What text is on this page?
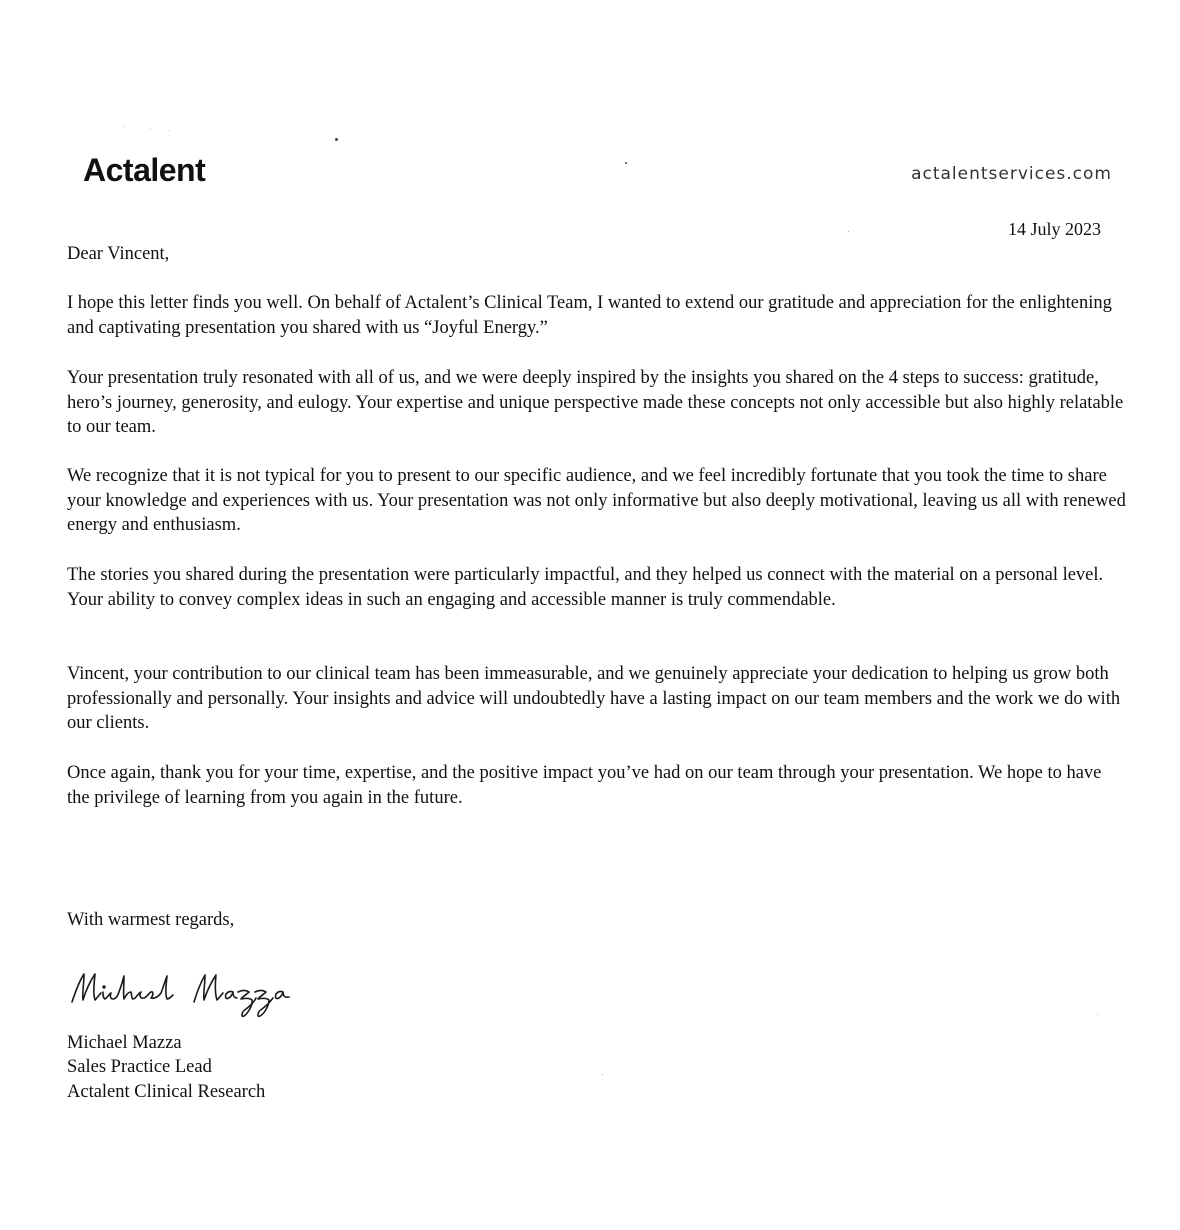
Actalent	actalentservices.com
14 July 2023
Dear Vincent,
I hope this letter finds you well. On behalf of Actalent’s Clinical Team, I wanted to extend our gratitude and appreciation for the enlightening and captivating presentation you shared with us “Joyful Energy.”
Your presentation truly resonated with all of us, and we were deeply inspired by the insights you shared on the 4 steps to success: gratitude, hero’s journey, generosity, and eulogy. Your expertise and unique perspective made these concepts not only accessible but also highly relatable to our team.
We recognize that it is not typical for you to present to our specific audience, and we feel incredibly fortunate that you took the time to share your knowledge and experiences with us. Your presentation was not only informative but also deeply motivational, leaving us all with renewed energy and enthusiasm.
The stories you shared during the presentation were particularly impactful, and they helped us connect with the material on a personal level. Your ability to convey complex ideas in such an engaging and accessible manner is truly commendable.
Vincent, your contribution to our clinical team has been immeasurable, and we genuinely appreciate your dedication to helping us grow both professionally and personally. Your insights and advice will undoubtedly have a lasting impact on our team members and the work we do with our clients.
Once again, thank you for your time, expertise, and the positive impact you’ve had on our team through your presentation. We hope to have the privilege of learning from you again in the future.
With warmest regards,
Michael Mazza
Sales Practice Lead
Actalent Clinical Research
